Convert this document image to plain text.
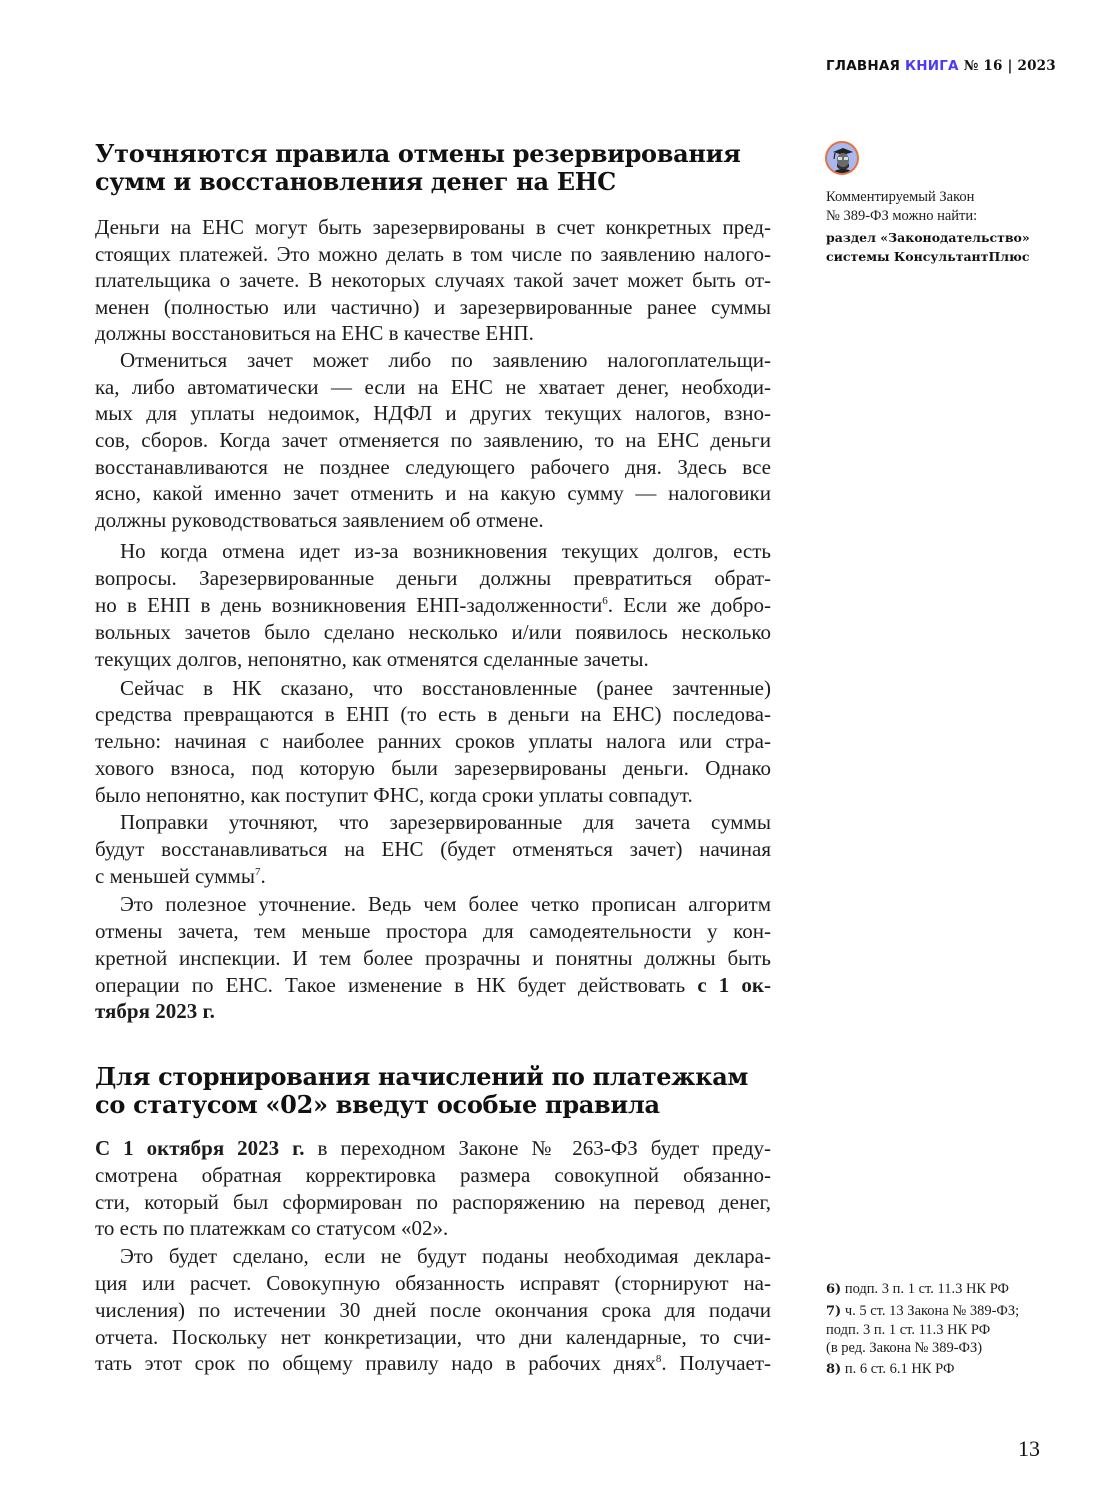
ГЛАВНАЯ КНИГА № 16 | 2023
Уточняются правила отмены резервирования
сумм и восстановления денег на ЕНС
Деньги на ЕНС могут быть зарезервированы в счет конкретных пред-
стоящих платежей. Это можно делать в том числе по заявлению налого-
плательщика о зачете. В некоторых случаях такой зачет может быть от-
менен (полностью или частично) и зарезервированные ранее суммы
должны восстановиться на ЕНС в качестве ЕНП.
Отмениться зачет может либо по заявлению налогоплательщи-
ка, либо автоматически — если на ЕНС не хватает денег, необходи-
мых для уплаты недоимок, НДФЛ и других текущих налогов, взно-
сов, сборов. Когда зачет отменяется по заявлению, то на ЕНС деньги
восстанавливаются не позднее следующего рабочего дня. Здесь все
ясно, какой именно зачет отменить и на какую сумму — налоговики
должны руководствоваться заявлением об отмене.
Но когда отмена идет из-за возникновения текущих долгов, есть
вопросы. Зарезервированные деньги должны превратиться обрат-
но в ЕНП в день возникновения ЕНП-задолженности$^6$. Если же добро-
вольных зачетов было сделано несколько и/или появилось несколько
текущих долгов, непонятно, как отменятся сделанные зачеты.
Сейчас в НК сказано, что восстановленные (ранее зачтенные)
средства превращаются в ЕНП (то есть в деньги на ЕНС) последова-
тельно: начиная с наиболее ранних сроков уплаты налога или стра-
хового взноса, под которую были зарезервированы деньги. Однако
было непонятно, как поступит ФНС, когда сроки уплаты совпадут.
Поправки уточняют, что зарезервированные для зачета суммы
будут восстанавливаться на ЕНС (будет отменяться зачет) начиная
с меньшей суммы$^7$.
Это полезное уточнение. Ведь чем более четко прописан алгоритм
отмены зачета, тем меньше простора для самодеятельности у кон-
кретной инспекции. И тем более прозрачны и понятны должны быть
операции по ЕНС. Такое изменение в НК будет действовать с 1 ок-
тября 2023 г.
Для сторнирования начислений по платежкам
со статусом «02» введут особые правила
С 1 октября 2023 г. в переходном Законе № 263-ФЗ будет преду-
смотрена обратная корректировка размера совокупной обязанно-
сти, который был сформирован по распоряжению на перевод денег,
то есть по платежкам со статусом «02».
Это будет сделано, если не будут поданы необходимая деклара-
ция или расчет. Совокупную обязанность исправят (сторнируют на-
числения) по истечении 30 дней после окончания срока для подачи
отчета. Поскольку нет конкретизации, что дни календарные, то счи-
тать этот срок по общему правилу надо в рабочих днях$^8$. Получает-
Комментируемый Закон
№ 389-ФЗ можно найти:
раздел «Законодательство»
системы КонсультантПлюс
6) подп. 3 п. 1 ст. 11.3 НК РФ
7) ч. 5 ст. 13 Закона № 389-ФЗ;
подп. 3 п. 1 ст. 11.3 НК РФ
(в ред. Закона № 389-ФЗ)
8) п. 6 ст. 6.1 НК РФ
13
